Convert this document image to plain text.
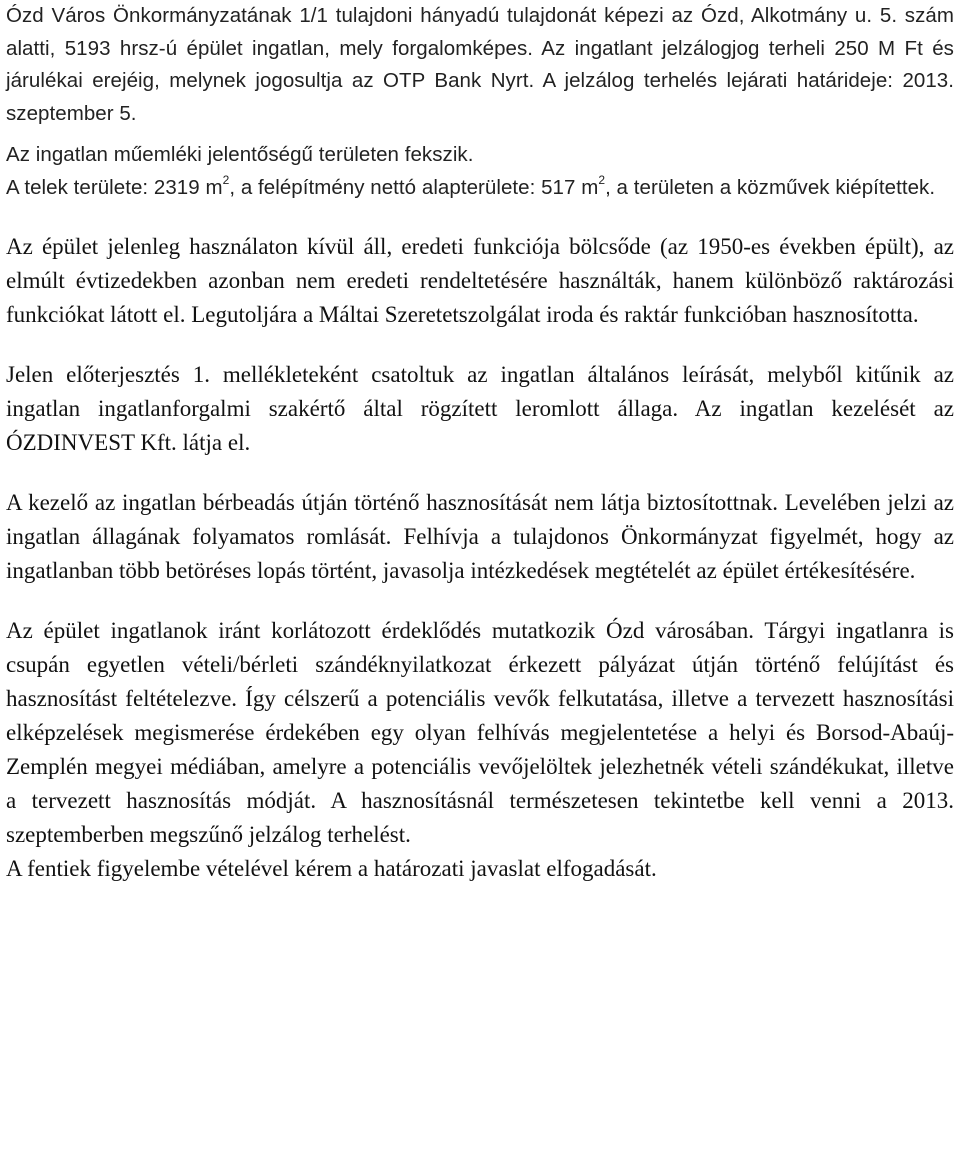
Ózd Város Önkormányzatának 1/1 tulajdoni hányadú tulajdonát képezi az Ózd, Alkotmány u. 5. szám alatti, 5193 hrsz-ú épület ingatlan, mely forgalomképes. Az ingatlant jelzálogjog terheli 250 M Ft és járulékai erejéig, melynek jogosultja az OTP Bank Nyrt. A jelzálog terhelés lejárati határideje: 2013. szeptember 5.

Az ingatlan műemléki jelentőségű területen fekszik.

A telek területe: 2319 $m^2$, a felépítmény nettó alapterülete: 517 $m^2$, a területen a közművek kiépítettek.

Az épület jelenleg használaton kívül áll, eredeti funkciója bölcsőde (az 1950-es években épült), az elmúlt évtizedekben azonban nem eredeti rendeltetésére használták, hanem különböző raktározási funkciókat látott el. Legutoljára a Máltai Szeretetszolgálat iroda és raktár funkcióban hasznosította.

Jelen előterjesztés 1. mellékleteként csatoltuk az ingatlan általános leírását, melyből kitűnik az ingatlan ingatlanforgalmi szakértő által rögzített leromlott állaga. Az ingatlan kezelését az ÓZDINVEST Kft. látja el.

A kezelő az ingatlan bérbeadás útján történő hasznosítását nem látja biztosítottnak. Levelében jelzi az ingatlan állagának folyamatos romlását. Felhívja a tulajdonos Önkormányzat figyelmét, hogy az ingatlanban több betöréses lopás történt, javasolja intézkedések megtételét az épület értékesítésére.

Az épület ingatlanok iránt korlátozott érdeklődés mutatkozik Ózd városában. Tárgyi ingatlanra is csupán egyetlen vételi/bérleti szándéknyilatkozat érkezett pályázat útján történő felújítást és hasznosítást feltételezve. Így célszerű a potenciális vevők felkutatása, illetve a tervezett hasznosítási elképzelések megismerése érdekében egy olyan felhívás megjelentetése a helyi és Borsod-Abaúj-Zemplén megyei médiában, amelyre a potenciális vevőjelöltek jelezhetnék vételi szándékukat, illetve a tervezett hasznosítás módját. A hasznosításnál természetesen tekintetbe kell venni a 2013. szeptemberben megszűnő jelzálog terhelést.

A fentiek figyelembe vételével kérem a határozati javaslat elfogadását.
